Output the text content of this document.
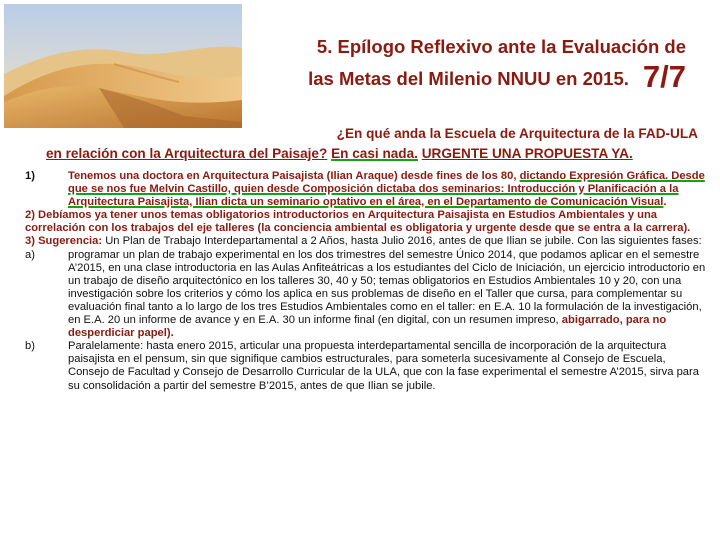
5. Epílogo Reflexivo ante la Evaluación de
las Metas del Milenio NNUU en 2015. 7/7
¿En qué anda la Escuela de Arquitectura de la FAD-ULA
en relación con la Arquitectura del Paisaje? En casi nada. URGENTE UNA PROPUESTA YA.
1)	Tenemos una doctora en Arquitectura Paisajista (Ilian Araque) desde fines de los 80, dictando Expresión Gráfica. Desde que se nos fue Melvin Castillo, quien desde Composición dictaba dos seminarios: Introducción y Planificación a la Arquitectura Paisajista, Ilian dicta un seminario optativo en el área, en el Departamento de Comunicación Visual.

2) Debíamos ya tener unos temas obligatorios introductorios en Arquitectura Paisajista en Estudios Ambientales y una correlación con los trabajos del eje talleres (la conciencia ambiental es obligatoria y urgente desde que se entra a la carrera).

3) Sugerencia: Un Plan de Trabajo Interdepartamental a 2 Años, hasta Julio 2016, antes de que Ilian se jubile. Con las siguientes fases:

a)	programar un plan de trabajo experimental en los dos trimestres del semestre Único 2014, que podamos aplicar en el semestre A’2015, en una clase introductoria en las Aulas Anfiteátricas a los estudiantes del Ciclo de Iniciación, un ejercicio introductorio en un trabajo de diseño arquitectónico en los talleres 30, 40 y 50; temas obligatorios en Estudios Ambientales 10 y 20, con una investigación sobre los criterios y cómo los aplica en sus problemas de diseño en el Taller que cursa, para complementar su evaluación final tanto a lo largo de los tres Estudios Ambientales como en el taller: en E.A. 10 la formulación de la investigación, en E.A. 20 un informe de avance y en E.A. 30 un informe final (en digital, con un resumen impreso, abigarrado, para no desperdiciar papel).
b)	Paralelamente: hasta enero 2015, articular una propuesta interdepartamental sencilla de incorporación de la arquitectura paisajista en el pensum, sin que signifique cambios estructurales, para someterla sucesivamente al Consejo de Escuela, Consejo de Facultad y Consejo de Desarrollo Curricular de la ULA, que con la fase experimental el semestre A’2015, sirva para su consolidación a partir del semestre B’2015, antes de que Ilian se jubile.
